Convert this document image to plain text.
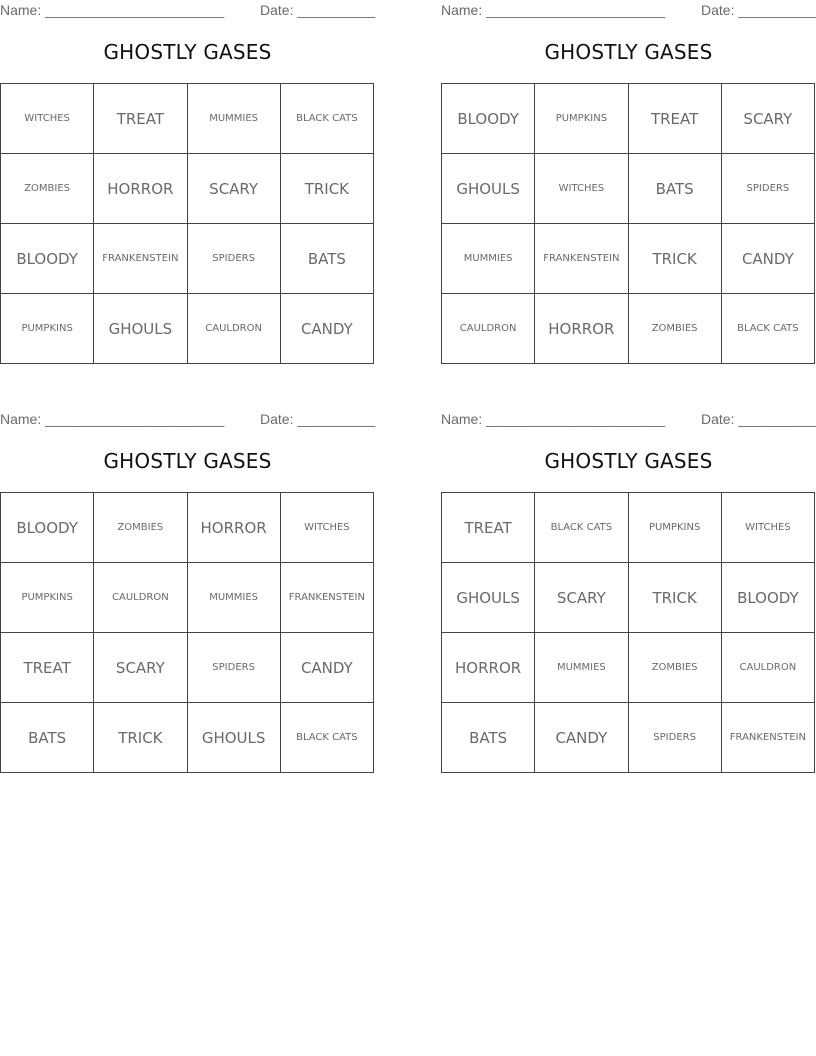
Name: _______________________	Date: __________
GHOSTLY GASES
WITCHES	TREAT	MUMMIES	BLACK CATS
ZOMBIES	HORROR	SCARY	TRICK
BLOODY	FRANKENSTEIN	SPIDERS	BATS
PUMPKINS	GHOULS	CAULDRON	CANDY
Name: _______________________	Date: __________
GHOSTLY GASES
BLOODY	PUMPKINS	TREAT	SCARY
GHOULS	WITCHES	BATS	SPIDERS
MUMMIES	FRANKENSTEIN	TRICK	CANDY
CAULDRON	HORROR	ZOMBIES	BLACK CATS
Name: _______________________	Date: __________
GHOSTLY GASES
BLOODY	ZOMBIES	HORROR	WITCHES
PUMPKINS	CAULDRON	MUMMIES	FRANKENSTEIN
TREAT	SCARY	SPIDERS	CANDY
BATS	TRICK	GHOULS	BLACK CATS
Name: _______________________	Date: __________
GHOSTLY GASES
TREAT	BLACK CATS	PUMPKINS	WITCHES
GHOULS	SCARY	TRICK	BLOODY
HORROR	MUMMIES	ZOMBIES	CAULDRON
BATS	CANDY	SPIDERS	FRANKENSTEIN
